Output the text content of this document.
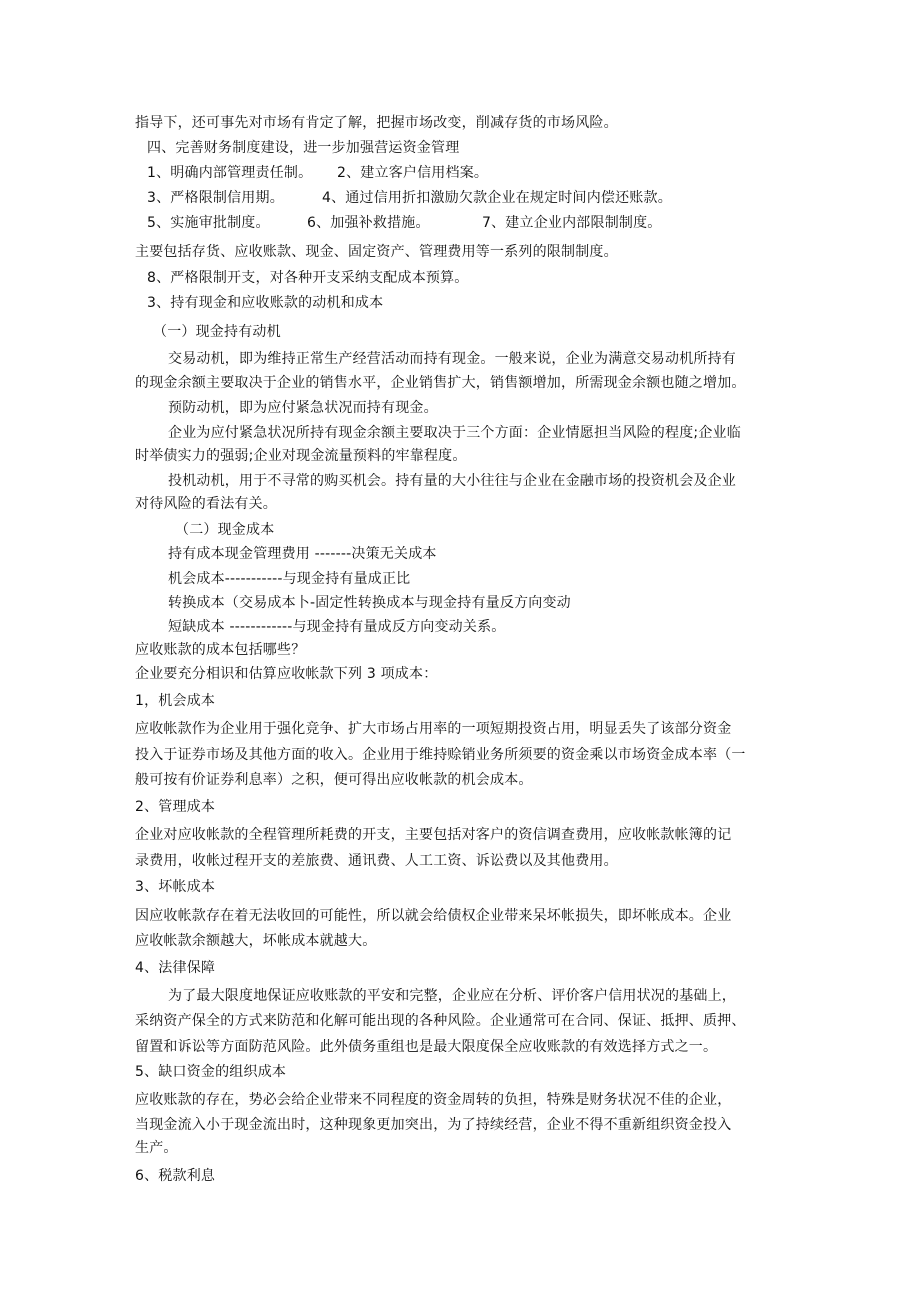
指导下，还可事先对市场有肯定了解，把握市场改变，削减存货的市场风险。
四、完善财务制度建设，进一步加强营运资金管理
1、明确内部管理责任制。	2、建立客户信用档案。
3、严格限制信用期。	4、通过信用折扣激励欠款企业在规定时间内偿还账款。
5、实施审批制度。	6、加强补救措施。	7、建立企业内部限制制度。
主要包括存货、应收账款、现金、固定资产、管理费用等一系列的限制制度。
8、严格限制开支，对各种开支采纳支配成本预算。
3、持有现金和应收账款的动机和成本
（一）现金持有动机
交易动机，即为维持正常生产经营活动而持有现金。一般来说，企业为满意交易动机所持有
的现金余额主要取决于企业的销售水平，企业销售扩大，销售额增加，所需现金余额也随之增加。
预防动机，即为应付紧急状况而持有现金。
企业为应付紧急状况所持有现金余额主要取决于三个方面：企业情愿担当风险的程度;企业临
时举债实力的强弱;企业对现金流量预料的牢靠程度。
投机动机，用于不寻常的购买机会。持有量的大小往往与企业在金融市场的投资机会及企业
对待风险的看法有关。
（二）现金成本
持有成本现金管理费用 -------决策无关成本
机会成本-----------与现金持有量成正比
转换成本（交易成本卜-固定性转换成本与现金持有量反方向变动
短缺成本 ------------与现金持有量成反方向变动关系。
应收账款的成本包括哪些？
企业要充分相识和估算应收帐款下列 3 项成本：
1，机会成本
应收帐款作为企业用于强化竞争、扩大市场占用率的一项短期投资占用，明显丢失了该部分资金
投入于证券市场及其他方面的收入。企业用于维持赊销业务所须要的资金乘以市场资金成本率（一
般可按有价证券利息率）之积，便可得出应收帐款的机会成本。
2、管理成本
企业对应收帐款的全程管理所耗费的开支，主要包括对客户的资信调查费用，应收帐款帐簿的记
录费用，收帐过程开支的差旅费、通讯费、人工工资、诉讼费以及其他费用。
3、坏帐成本
因应收帐款存在着无法收回的可能性，所以就会给债权企业带来呆坏帐损失，即坏帐成本。企业
应收帐款余额越大，坏帐成本就越大。
4、法律保障
为了最大限度地保证应收账款的平安和完整，企业应在分析、评价客户信用状况的基础上，
采纳资产保全的方式来防范和化解可能出现的各种风险。企业通常可在合同、保证、抵押、质押、
留置和诉讼等方面防范风险。此外债务重组也是最大限度保全应收账款的有效选择方式之一。
5、缺口资金的组织成本
应收账款的存在，势必会给企业带来不同程度的资金周转的负担，特殊是财务状况不佳的企业，
当现金流入小于现金流出时，这种现象更加突出，为了持续经营，企业不得不重新组织资金投入
生产。
6、税款利息
